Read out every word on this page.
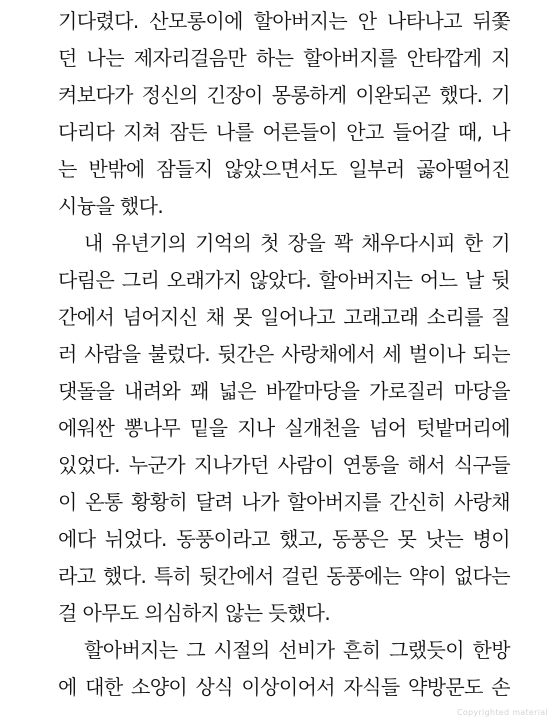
기다렸다. 산모롱이에 할아버지는 안 나타나고 뒤쫓
던 나는 제자리걸음만 하는 할아버지를 안타깝게 지
켜보다가 정신의 긴장이 몽롱하게 이완되곤 했다. 기
다리다 지쳐 잠든 나를 어른들이 안고 들어갈 때, 나
는 반밖에 잠들지 않았으면서도 일부러 곯아떨어진
시늉을 했다.
내 유년기의 기억의 첫 장을 꽉 채우다시피 한 기
다림은 그리 오래가지 않았다. 할아버지는 어느 날 뒷
간에서 넘어지신 채 못 일어나고 고래고래 소리를 질
러 사람을 불렀다. 뒷간은 사랑채에서 세 벌이나 되는
댓돌을 내려와 꽤 넓은 바깥마당을 가로질러 마당을
에워싼 뽕나무 밑을 지나 실개천을 넘어 텃밭머리에
있었다. 누군가 지나가던 사람이 연통을 해서 식구들
이 온통 황황히 달려 나가 할아버지를 간신히 사랑채
에다 뉘었다. 동풍이라고 했고, 동풍은 못 낫는 병이
라고 했다. 특히 뒷간에서 걸린 동풍에는 약이 없다는
걸 아무도 의심하지 않는 듯했다.
할아버지는 그 시절의 선비가 흔히 그랬듯이 한방
에 대한 소양이 상식 이상이어서 자식들 약방문도 손
Copyrighted material
